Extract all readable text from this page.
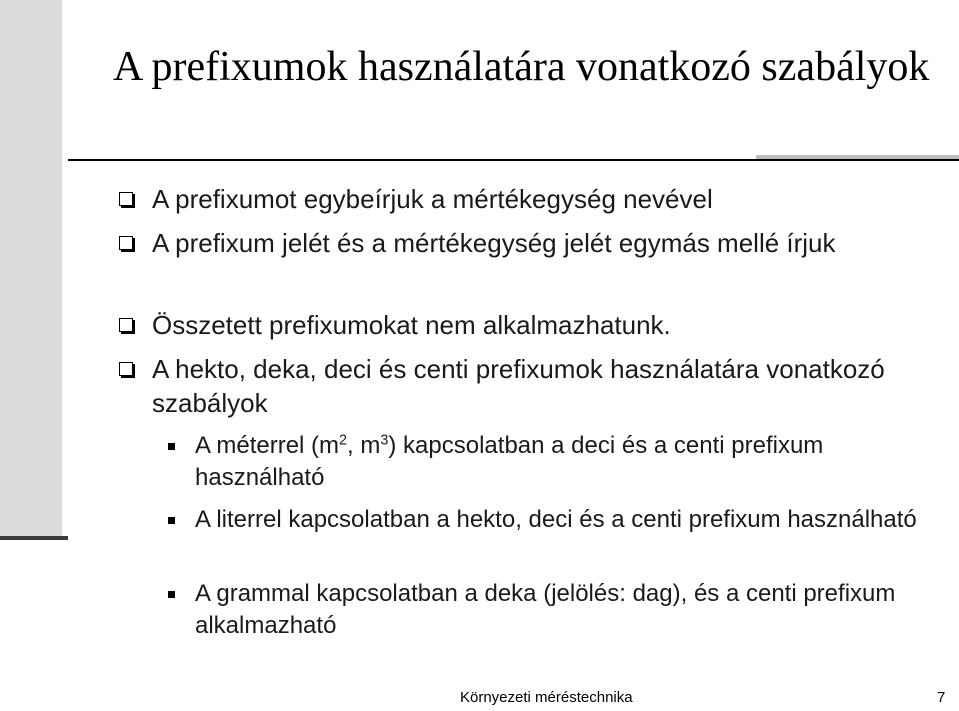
A prefixumok használatára vonatkozó szabályok
A prefixumot egybeírjuk a mértékegység nevével
A prefixum jelét és a mértékegység jelét egymás mellé írjuk
Összetett prefixumokat nem alkalmazhatunk.
A hekto, deka, deci és centi prefixumok használatára vonatkozó szabályok
A méterrel ($m^2$, $m^3$) kapcsolatban a deci és a centi prefixum használható
A literrel kapcsolatban a hekto, deci és a centi prefixum használható
A grammal kapcsolatban a deka (jelölés: dag), és a centi prefixum alkalmazható
Környezeti méréstechnika	7
